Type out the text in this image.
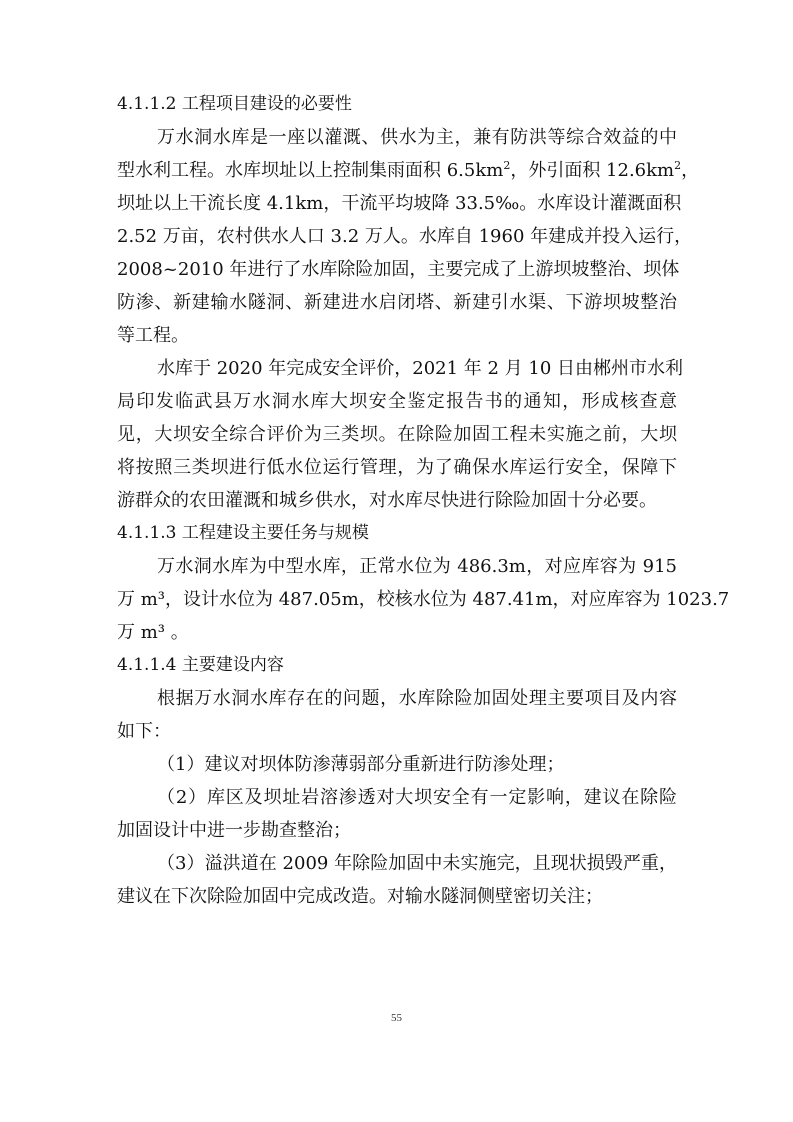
4.1.1.2 工程项目建设的必要性

万水洞水库是一座以灌溉、供水为主，兼有防洪等综合效益的中
型水利工程。水库坝址以上控制集雨面积 $6.5km^2$，外引面积 $12.6km^2$，
坝址以上干流长度 4.1km，干流平均坡降 33.5‰。水库设计灌溉面积
2.52 万亩，农村供水人口 3.2 万人。水库自 1960 年建成并投入运行，
2008~2010 年进行了水库除险加固，主要完成了上游坝坡整治、坝体
防渗、新建输水隧洞、新建进水启闭塔、新建引水渠、下游坝坡整治
等工程。
水库于 2020 年完成安全评价，2021 年 2 月 10 日由郴州市水利
局印发临武县万水洞水库大坝安全鉴定报告书的通知，形成核查意
见，大坝安全综合评价为三类坝。在除险加固工程未实施之前，大坝
将按照三类坝进行低水位运行管理，为了确保水库运行安全，保障下
游群众的农田灌溉和城乡供水，对水库尽快进行除险加固十分必要。

4.1.1.3 工程建设主要任务与规模

万水洞水库为中型水库，正常水位为 486.3m，对应库容为 915
万 m³，设计水位为 487.05m，校核水位为 487.41m，对应库容为 1023.7
万 m³ 。

4.1.1.4 主要建设内容

根据万水洞水库存在的问题，水库除险加固处理主要项目及内容
如下：
（1）建议对坝体防渗薄弱部分重新进行防渗处理；
（2）库区及坝址岩溶渗透对大坝安全有一定影响，建议在除险
加固设计中进一步勘查整治；
（3）溢洪道在 2009 年除险加固中未实施完，且现状损毁严重，
建议在下次除险加固中完成改造。对输水隧洞侧壁密切关注；
55
